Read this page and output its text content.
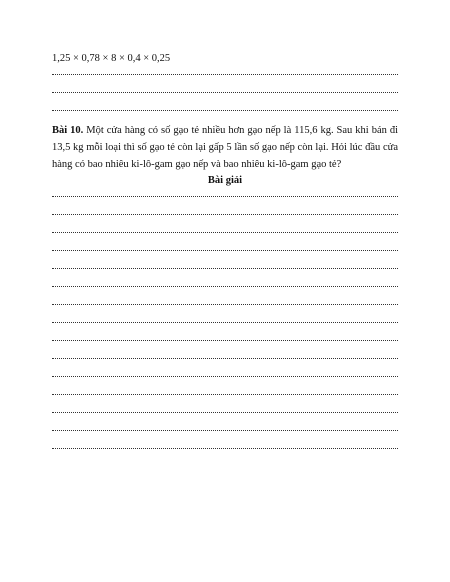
1,25 × 0,78 × 8 × 0,4 × 0,25
Bài 10. Một cửa hàng có số gạo tẻ nhiều hơn gạo nếp là 115,6 kg. Sau khi bán đi 13,5 kg mỗi loại thì số gạo tẻ còn lại gấp 5 lần số gạo nếp còn lại. Hỏi lúc đầu cửa hàng có bao nhiêu ki-lô-gam gạo nếp và bao nhiêu ki-lô-gam gạo tẻ?
Bài giải
